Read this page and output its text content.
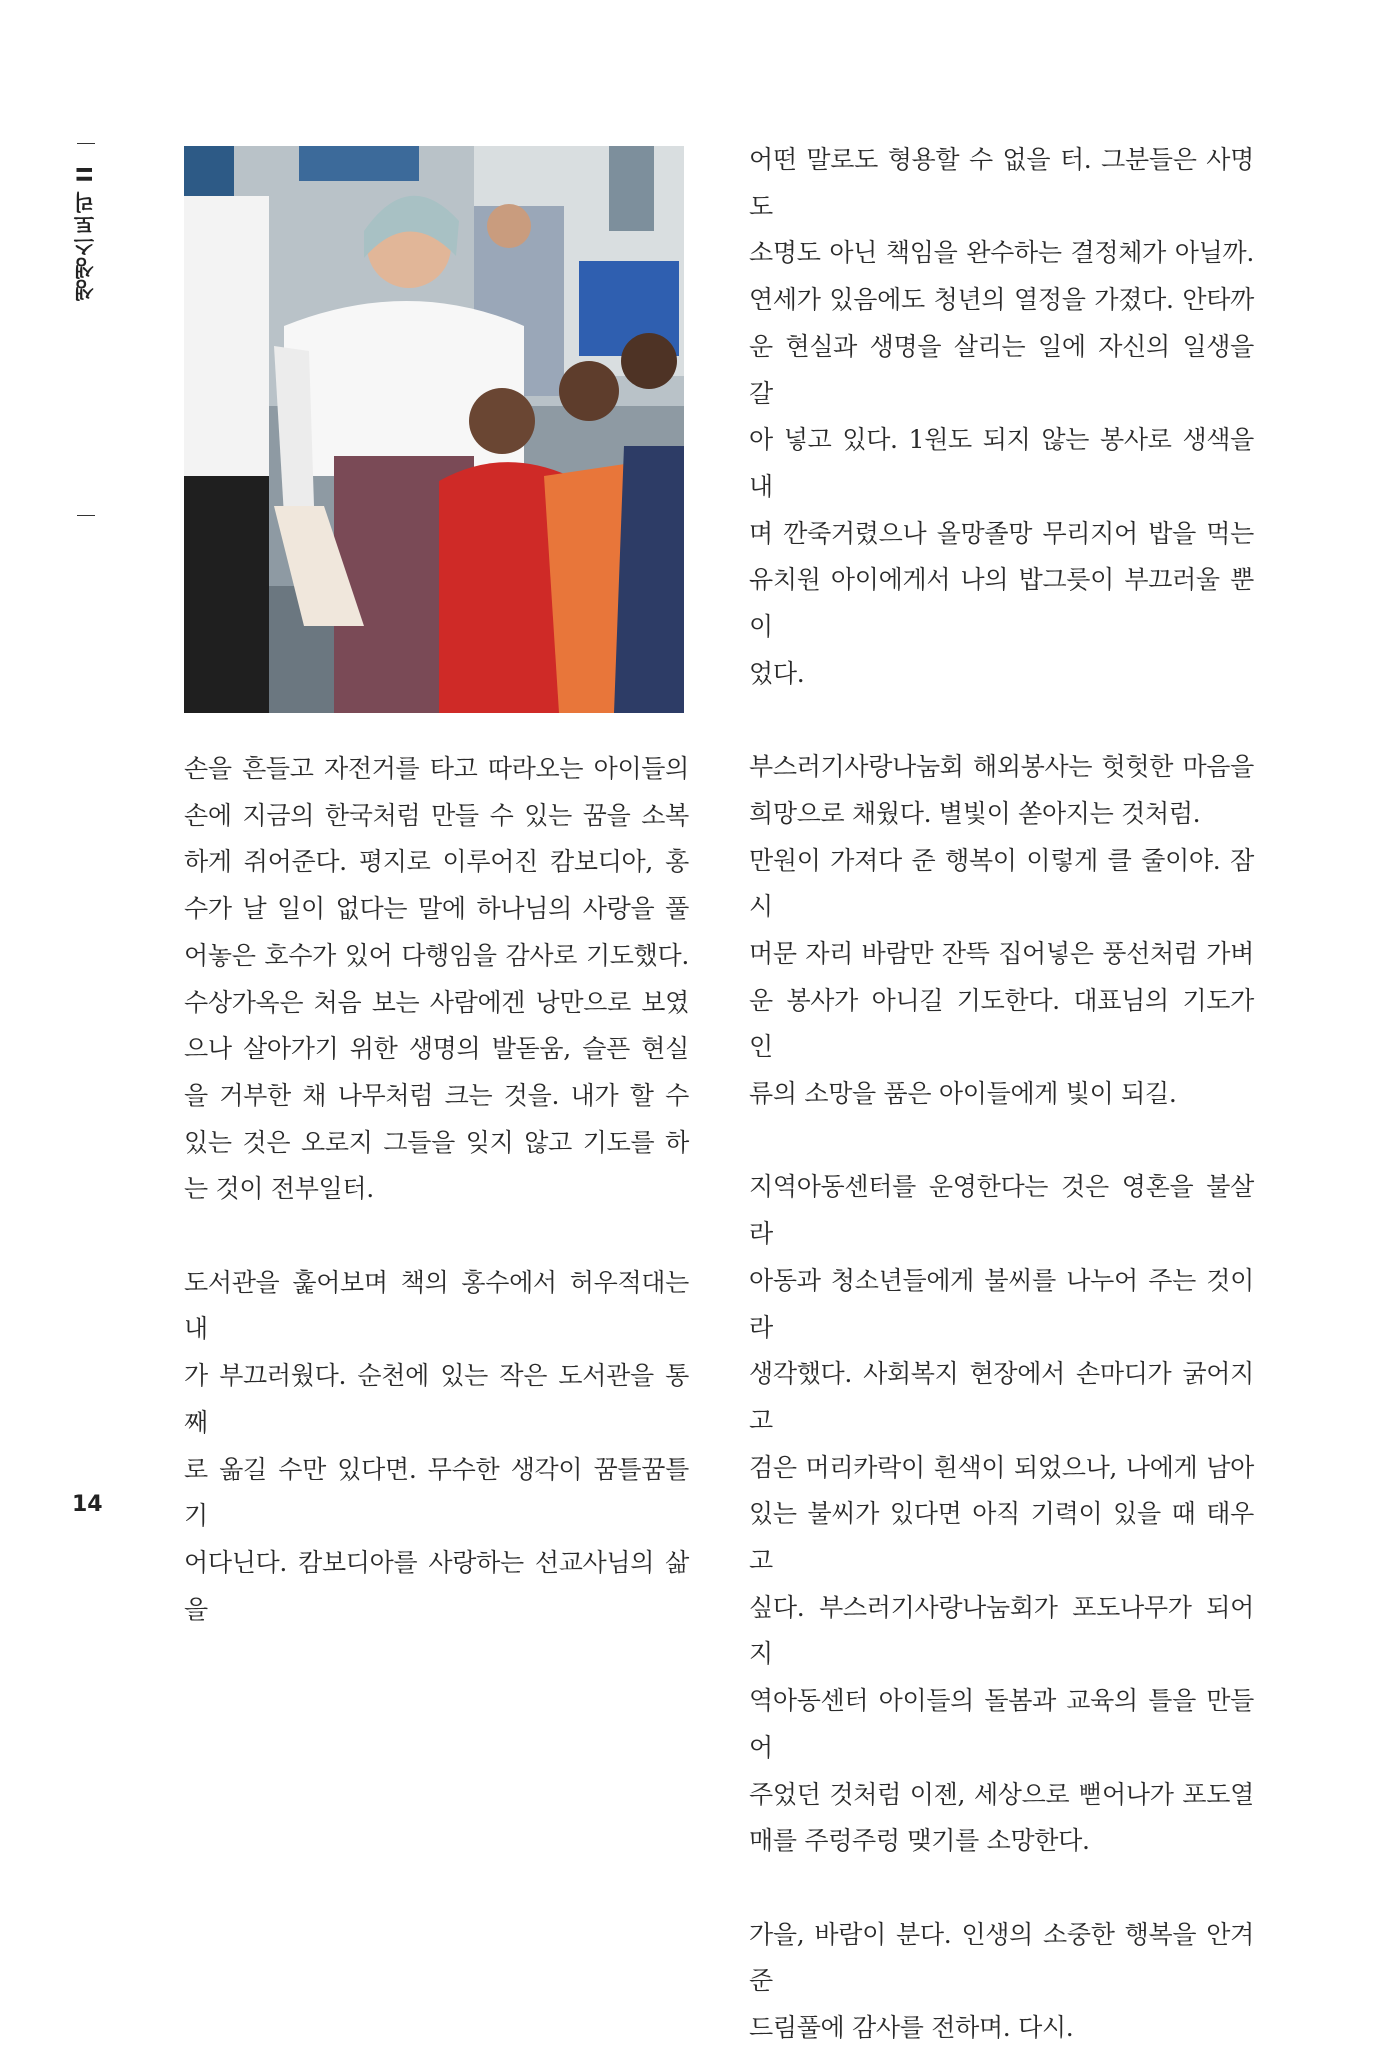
생생스토리 II

손을 흔들고 자전거를 타고 따라오는 아이들의

손에 지금의 한국처럼 만들 수 있는 꿈을 소복

하게 쥐어준다. 평지로 이루어진 캄보디아, 홍

수가 날 일이 없다는 말에 하나님의 사랑을 풀

어놓은 호수가 있어 다행임을 감사로 기도했다.

수상가옥은 처음 보는 사람에겐 낭만으로 보였

으나 살아가기 위한 생명의 발돋움, 슬픈 현실

을 거부한 채 나무처럼 크는 것을. 내가 할 수

있는 것은 오로지 그들을 잊지 않고 기도를 하

는 것이 전부일터.

도서관을 훑어보며 책의 홍수에서 허우적대는 내

가 부끄러웠다. 순천에 있는 작은 도서관을 통째

로 옮길 수만 있다면. 무수한 생각이 꿈틀꿈틀 기

어다닌다. 캄보디아를 사랑하는 선교사님의 삶을

어떤 말로도 형용할 수 없을 터. 그분들은 사명도

소명도 아닌 책임을 완수하는 결정체가 아닐까.

연세가 있음에도 청년의 열정을 가졌다. 안타까

운 현실과 생명을 살리는 일에 자신의 일생을 갈

아 넣고 있다. 1원도 되지 않는 봉사로 생색을 내

며 깐죽거렸으나 올망졸망 무리지어 밥을 먹는

유치원 아이에게서 나의 밥그릇이 부끄러울 뿐이

었다.

부스러기사랑나눔회 해외봉사는 헛헛한 마음을

희망으로 채웠다. 별빛이 쏟아지는 것처럼.

만원이 가져다 준 행복이 이렇게 클 줄이야. 잠시

머문 자리 바람만 잔뜩 집어넣은 풍선처럼 가벼

운 봉사가 아니길 기도한다. 대표님의 기도가 인

류의 소망을 품은 아이들에게 빛이 되길.

지역아동센터를 운영한다는 것은 영혼을 불살라

아동과 청소년들에게 불씨를 나누어 주는 것이라

생각했다. 사회복지 현장에서 손마디가 굵어지고

검은 머리카락이 흰색이 되었으나, 나에게 남아

있는 불씨가 있다면 아직 기력이 있을 때 태우고

싶다. 부스러기사랑나눔회가 포도나무가 되어 지

역아동센터 아이들의 돌봄과 교육의 틀을 만들어

주었던 것처럼 이젠, 세상으로 뻗어나가 포도열

매를 주렁주렁 맺기를 소망한다.

가을, 바람이 분다. 인생의 소중한 행복을 안겨준

드림풀에 감사를 전하며. 다시.

14
